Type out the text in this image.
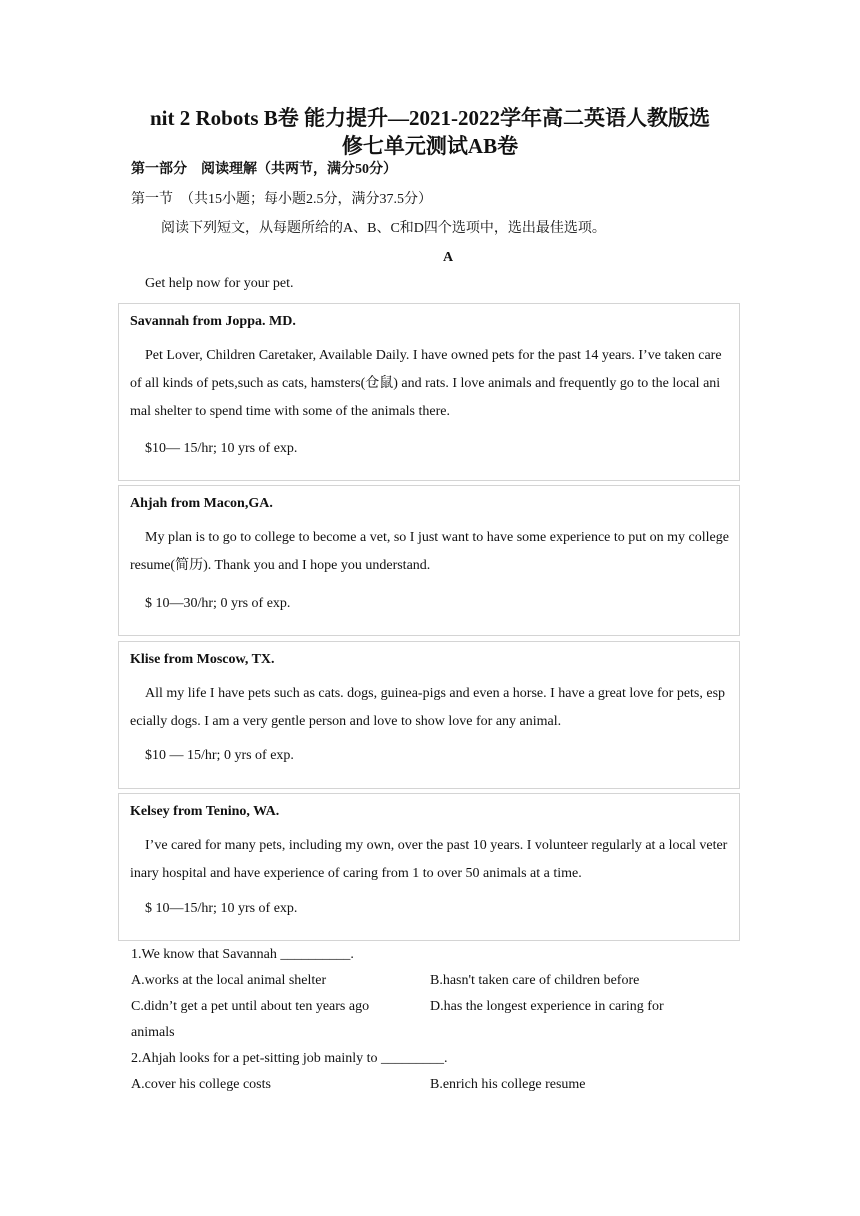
nit 2 Robots B卷 能力提升—2021-2022学年高二英语人教版选
修七单元测试AB卷
第一部分　阅读理解（共两节，满分50分）
第一节　（共15小题；每小题2.5分，满分37.5分）
阅读下列短文，从每题所给的A、B、C和D四个选项中，选出最佳选项。
A
Get help now for your pet.
Savannah from Joppa. MD.
Pet Lover, Children Caretaker, Available Daily. I have owned pets for the past 14 years. I’ve taken care of all kinds of pets,such as cats, hamsters(仓鼠) and rats. I love animals and frequently go to the local animal shelter to spend time with some of the animals there.
$10— 15/hr; 10 yrs of exp.
Ahjah from Macon,GA.
My plan is to go to college to become a vet, so I just want to have some experience to put on my college resume(简历). Thank you and I hope you understand.
$ 10—30/hr; 0 yrs of exp.
Klise from Moscow, TX.
All my life I have pets such as cats. dogs, guinea-pigs and even a horse. I have a great love for pets, especially dogs. I am a very gentle person and love to show love for any animal.
$10 — 15/hr; 0 yrs of exp.
Kelsey from Tenino, WA.
I’ve cared for many pets, including my own, over the past 10 years. I volunteer regularly at a local veterinary hospital and have experience of caring from 1 to over 50 animals at a time.
$ 10—15/hr; 10 yrs of exp.
1.We know that Savannah __________.
A.works at the local animal shelter	B.hasn't taken care of children before
C.didn’t get a pet until about ten years ago	D.has the longest experience in caring for
animals
2.Ahjah looks for a pet-sitting job mainly to _________.
A.cover his college costs	B.enrich his college resume
